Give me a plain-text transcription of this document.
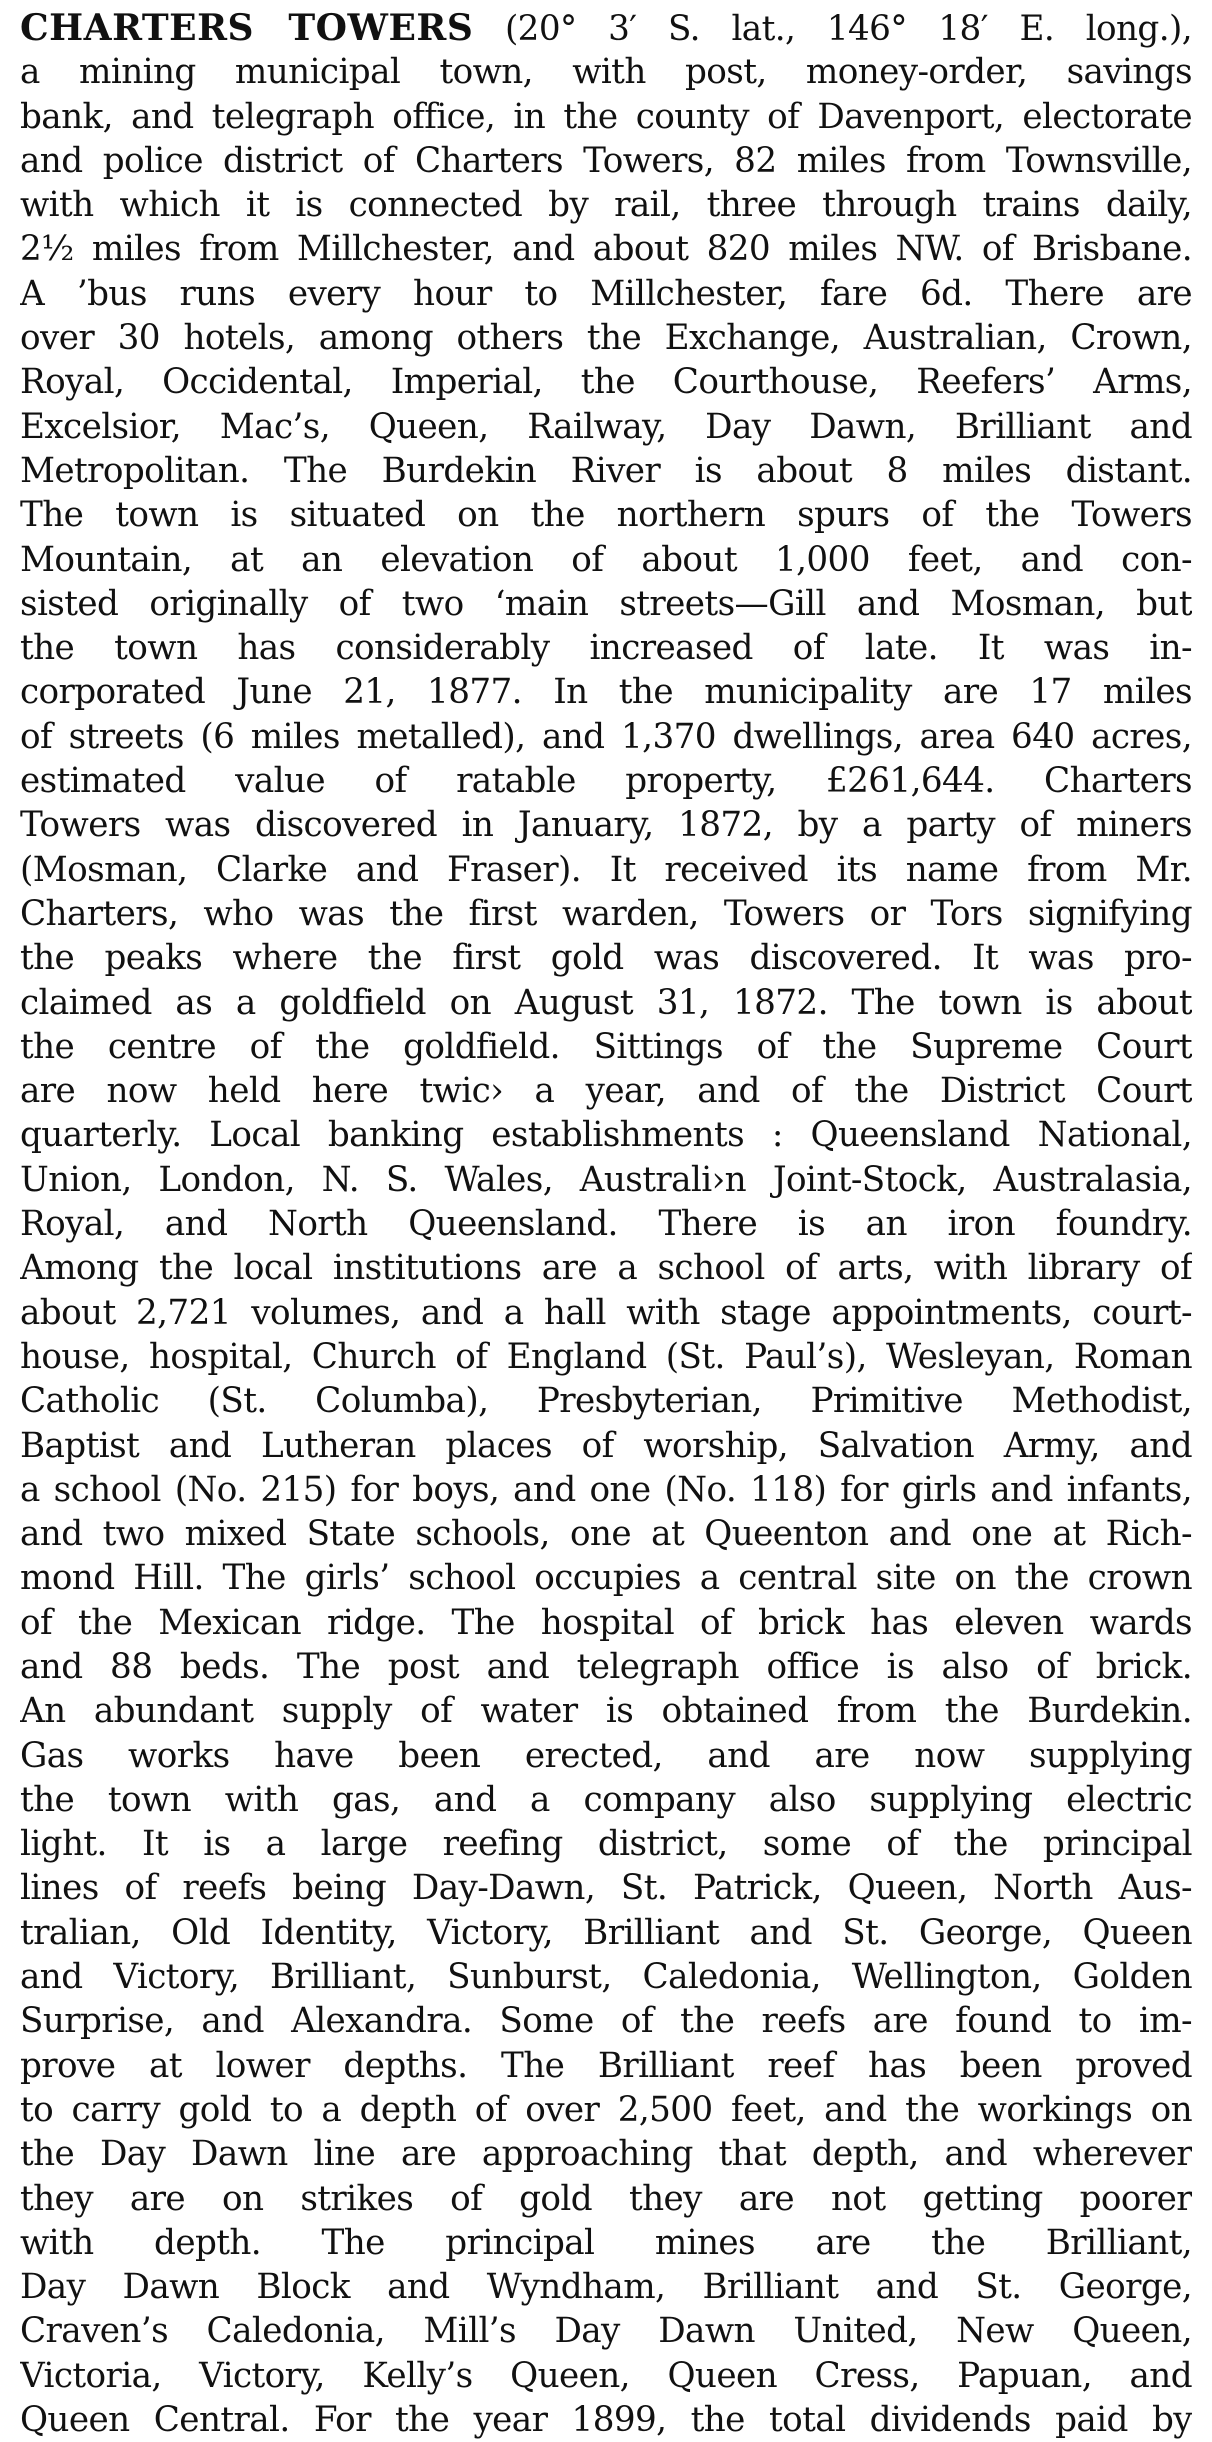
CHARTERS TOWERS (20° 3′ S. lat., 146° 18′ E. long.),
a mining municipal town, with post, money-order, savings
bank, and telegraph office, in the county of Davenport, electorate
and police district of Charters Towers, 82 miles from Townsville,
with which it is connected by rail, three through trains daily,
2½ miles from Millchester, and about 820 miles NW. of Brisbane.
A ’bus runs every hour to Millchester, fare 6d. There are
over 30 hotels, among others the Exchange, Australian, Crown,
Royal, Occidental, Imperial, the Courthouse, Reefers’ Arms,
Excelsior, Mac’s, Queen, Railway, Day Dawn, Brilliant and
Metropolitan. The Burdekin River is about 8 miles distant.
The town is situated on the northern spurs of the Towers
Mountain, at an elevation of about 1,000 feet, and con-
sisted originally of two ‘main streets—Gill and Mosman, but
the town has considerably increased of late. It was in-
corporated June 21, 1877. In the municipality are 17 miles
of streets (6 miles metalled), and 1,370 dwellings, area 640 acres,
estimated value of ratable property, £261,644. Charters
Towers was discovered in January, 1872, by a party of miners
(Mosman, Clarke and Fraser). It received its name from Mr.
Charters, who was the first warden, Towers or Tors signifying
the peaks where the first gold was discovered. It was pro-
claimed as a goldfield on August 31, 1872. The town is about
the centre of the goldfield. Sittings of the Supreme Court
are now held here twic› a year, and of the District Court
quarterly. Local banking establishments : Queensland National,
Union, London, N. S. Wales, Australi›n Joint-Stock, Australasia,
Royal, and North Queensland. There is an iron foundry.
Among the local institutions are a school of arts, with library of
about 2,721 volumes, and a hall with stage appointments, court-
house, hospital, Church of England (St. Paul’s), Wesleyan, Roman
Catholic (St. Columba), Presbyterian, Primitive Methodist,
Baptist and Lutheran places of worship, Salvation Army, and
a school (No. 215) for boys, and one (No. 118) for girls and infants,
and two mixed State schools, one at Queenton and one at Rich-
mond Hill. The girls’ school occupies a central site on the crown
of the Mexican ridge. The hospital of brick has eleven wards
and 88 beds. The post and telegraph office is also of brick.
An abundant supply of water is obtained from the Burdekin.
Gas works have been erected, and are now supplying
the town with gas, and a company also supplying electric
light. It is a large reefing district, some of the principal
lines of reefs being Day-Dawn, St. Patrick, Queen, North Aus-
tralian, Old Identity, Victory, Brilliant and St. George, Queen
and Victory, Brilliant, Sunburst, Caledonia, Wellington, Golden
Surprise, and Alexandra. Some of the reefs are found to im-
prove at lower depths. The Brilliant reef has been proved
to carry gold to a depth of over 2,500 feet, and the workings on
the Day Dawn line are approaching that depth, and wherever
they are on strikes of gold they are not getting poorer
with depth. The principal mines are the Brilliant,
Day Dawn Block and Wyndham, Brilliant and St. George,
Craven’s Caledonia, Mill’s Day Dawn United, New Queen,
Victoria, Victory, Kelly’s Queen, Queen Cress, Papuan, and
Queen Central. For the year 1899, the total dividends paid by
